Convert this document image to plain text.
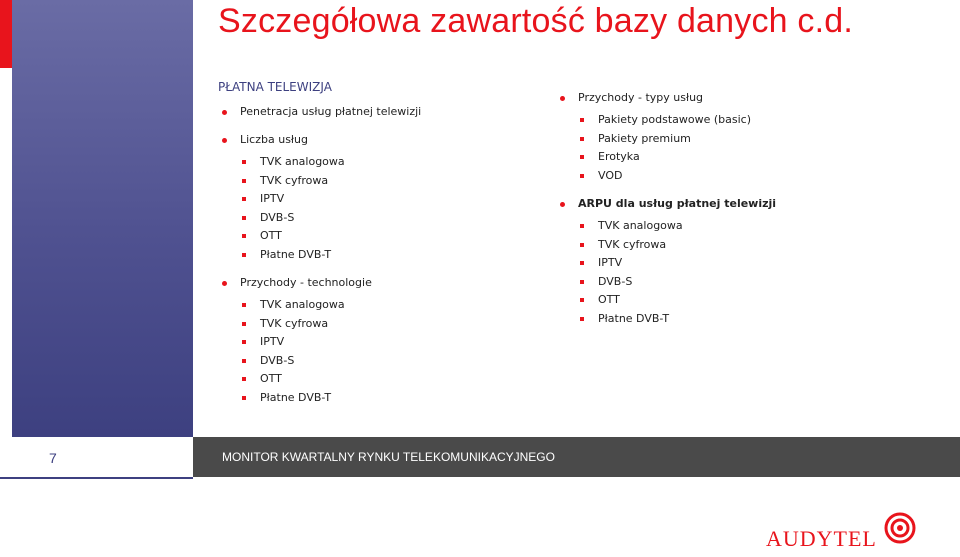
Szczegółowa zawartość bazy danych c.d.
PŁATNA TELEWIZJA
Penetracja usług płatnej telewizji
Liczba usług
TVK analogowa
TVK cyfrowa
IPTV
DVB-S
OTT
Płatne DVB-T
Przychody - technologie
TVK analogowa
TVK cyfrowa
IPTV
DVB-S
OTT
Płatne DVB-T
Przychody - typy usług
Pakiety podstawowe (basic)
Pakiety premium
Erotyka
VOD
ARPU dla usług płatnej telewizji
TVK analogowa
TVK cyfrowa
IPTV
DVB-S
OTT
Płatne DVB-T
7	MONITOR KWARTALNY RYNKU TELEKOMUNIKACYJNEGO
AUDYTEL
